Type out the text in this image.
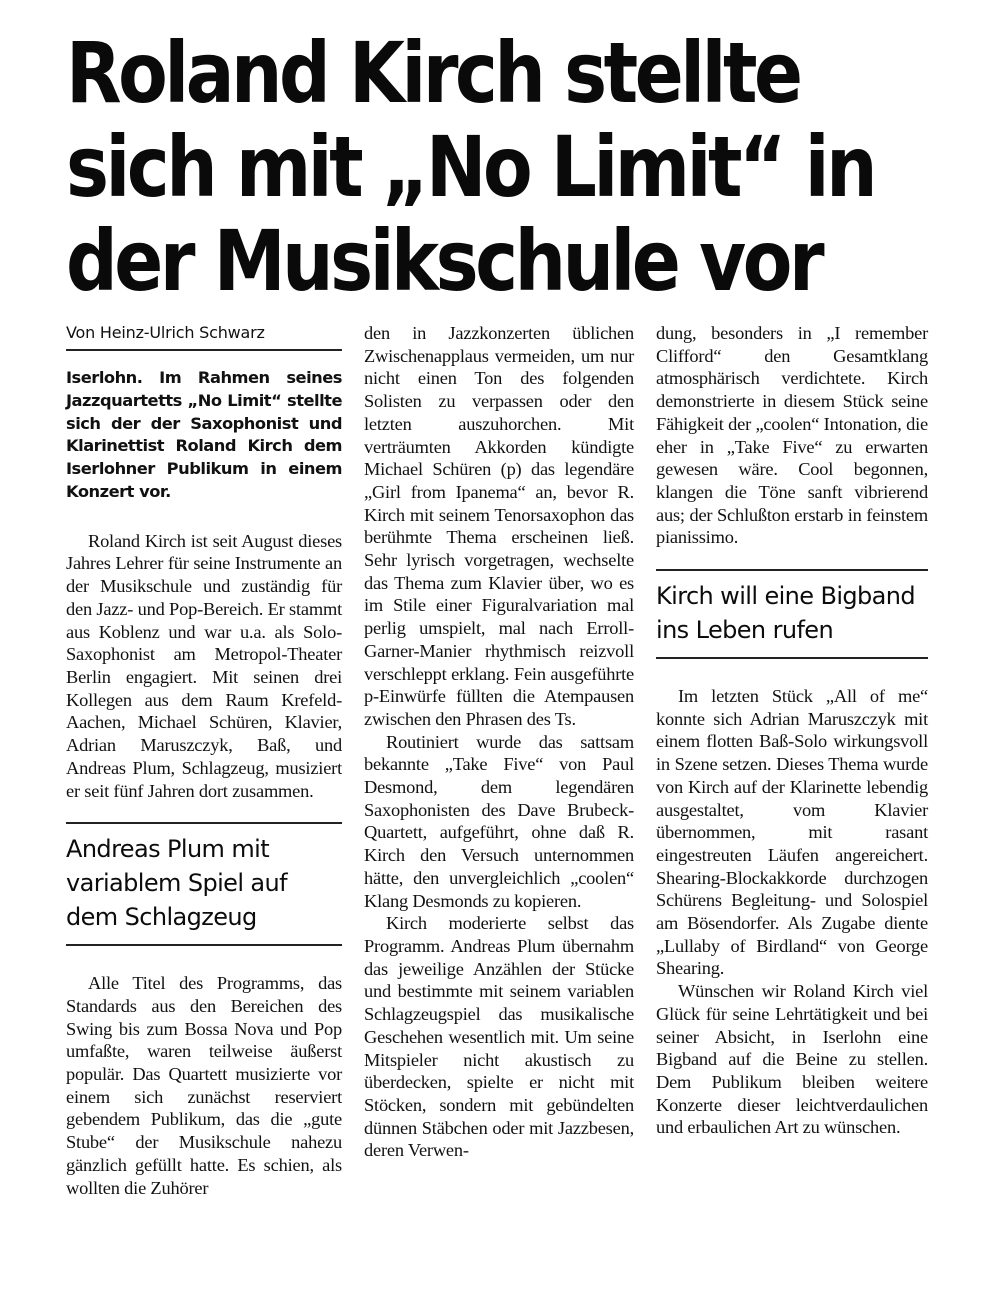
Roland Kirch stellte
sich mit „No Limit“ in
der Musikschule vor
Von Heinz-Ulrich Schwarz

Iserlohn. Im Rahmen seines Jazzquartetts „No Limit“ stellte sich der der Saxophonist und Klarinettist Roland Kirch dem Iserlohner Publikum in einem Konzert vor.

Roland Kirch ist seit August dieses Jahres Lehrer für seine Instrumente an der Musikschule und zuständig für den Jazz- und Pop-Bereich. Er stammt aus Koblenz und war u.a. als Solo-Saxophonist am Metropol-Theater Berlin engagiert. Mit seinen drei Kollegen aus dem Raum Krefeld-Aachen, Michael Schüren, Klavier, Adrian Maruszczyk, Baß, und Andreas Plum, Schlagzeug, musiziert er seit fünf Jahren dort zusammen.

Andreas Plum mit variablem Spiel auf dem Schlagzeug

Alle Titel des Programms, das Standards aus den Bereichen des Swing bis zum Bossa Nova und Pop umfaßte, waren teilweise äußerst populär. Das Quartett musizierte vor einem sich zunächst reserviert gebendem Publikum, das die „gute Stube“ der Musikschule nahezu gänzlich gefüllt hatte. Es schien, als wollten die Zuhörer

den in Jazzkonzerten üblichen Zwischenapplaus vermeiden, um nur nicht einen Ton des folgenden Solisten zu verpassen oder den letzten auszuhorchen. Mit verträumten Akkorden kündigte Michael Schüren (p) das legendäre „Girl from Ipanema“ an, bevor R. Kirch mit seinem Tenorsaxophon das berühmte Thema erscheinen ließ. Sehr lyrisch vorgetragen, wechselte das Thema zum Klavier über, wo es im Stile einer Figuralvariation mal perlig umspielt, mal nach Erroll-Garner-Manier rhythmisch reizvoll verschleppt erklang. Fein ausgeführte p-Einwürfe füllten die Atempausen zwischen den Phrasen des Ts.

Routiniert wurde das sattsam bekannte „Take Five“ von Paul Desmond, dem legendären Saxophonisten des Dave Brubeck-Quartett, aufgeführt, ohne daß R. Kirch den Versuch unternommen hätte, den unvergleichlich „coolen“ Klang Desmonds zu kopieren.

Kirch moderierte selbst das Programm. Andreas Plum übernahm das jeweilige Anzählen der Stücke und bestimmte mit seinem variablen Schlagzeugspiel das musikalische Geschehen wesentlich mit. Um seine Mitspieler nicht akustisch zu überdecken, spielte er nicht mit Stöcken, sondern mit gebündelten dünnen Stäbchen oder mit Jazzbesen, deren Verwen-

dung, besonders in „I remember Clifford“ den Gesamtklang atmosphärisch verdichtete. Kirch demonstrierte in diesem Stück seine Fähigkeit der „coolen“ Intonation, die eher in „Take Five“ zu erwarten gewesen wäre. Cool begonnen, klangen die Töne sanft vibrierend aus; der Schlußton erstarb in feinstem pianissimo.

Kirch will eine Bigband ins Leben rufen

Im letzten Stück „All of me“ konnte sich Adrian Maruszczyk mit einem flotten Baß-Solo wirkungsvoll in Szene setzen. Dieses Thema wurde von Kirch auf der Klarinette lebendig ausgestaltet, vom Klavier übernommen, mit rasant eingestreuten Läufen angereichert. Shearing-Blockakkorde durchzogen Schürens Begleitung- und Solospiel am Bösendorfer. Als Zugabe diente „Lullaby of Birdland“ von George Shearing.

Wünschen wir Roland Kirch viel Glück für seine Lehrtätigkeit und bei seiner Absicht, in Iserlohn eine Bigband auf die Beine zu stellen. Dem Publikum bleiben weitere Konzerte dieser leichtverdaulichen und erbaulichen Art zu wünschen.
